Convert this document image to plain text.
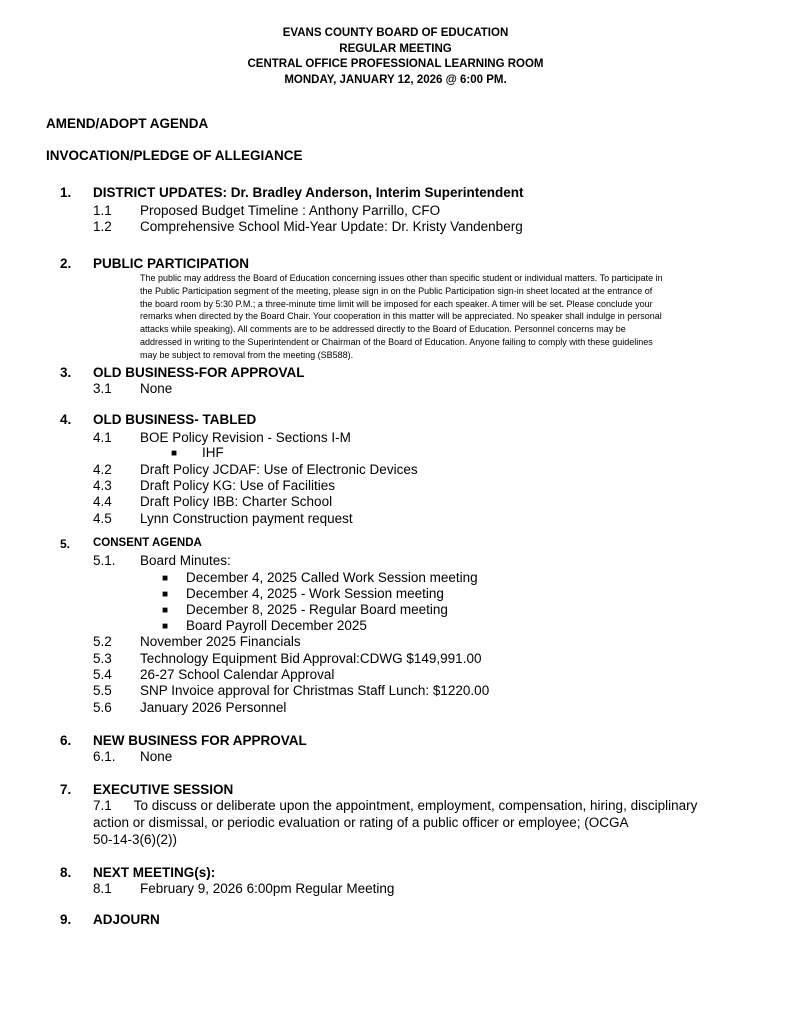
EVANS COUNTY BOARD OF EDUCATION
REGULAR MEETING
CENTRAL OFFICE PROFESSIONAL LEARNING ROOM
MONDAY, JANUARY 12, 2026 @ 6:00 PM.
AMEND/ADOPT AGENDA
INVOCATION/PLEDGE OF ALLEGIANCE
1. DISTRICT UPDATES: Dr. Bradley Anderson, Interim Superintendent
1.1 Proposed Budget Timeline : Anthony Parrillo, CFO
1.2 Comprehensive School Mid-Year Update: Dr. Kristy Vandenberg
2. PUBLIC PARTICIPATION
The public may address the Board of Education concerning issues other than specific student or individual matters. To participate in
the Public Participation segment of the meeting, please sign in on the Public Participation sign-in sheet located at the entrance of
the board room by 5:30 P.M.; a three-minute time limit will be imposed for each speaker. A timer will be set. Please conclude your
remarks when directed by the Board Chair. Your cooperation in this matter will be appreciated. No speaker shall indulge in personal
attacks while speaking). All comments are to be addressed directly to the Board of Education. Personnel concerns may be
addressed in writing to the Superintendent or Chairman of the Board of Education. Anyone failing to comply with these guidelines
may be subject to removal from the meeting (SB588).
3. OLD BUSINESS-FOR APPROVAL
3.1 None
4. OLD BUSINESS- TABLED
4.1 BOE Policy Revision - Sections I-M
■ IHF
4.2 Draft Policy JCDAF: Use of Electronic Devices
4.3 Draft Policy KG: Use of Facilities
4.4 Draft Policy IBB: Charter School
4.5 Lynn Construction payment request
5. CONSENT AGENDA
5.1. Board Minutes:
■ December 4, 2025 Called Work Session meeting
■ December 4, 2025 - Work Session meeting
■ December 8, 2025 - Regular Board meeting
■ Board Payroll December 2025
5.2 November 2025 Financials
5.3 Technology Equipment Bid Approval:CDWG $149,991.00
5.4 26-27 School Calendar Approval
5.5 SNP Invoice approval for Christmas Staff Lunch: $1220.00
5.6 January 2026 Personnel
6. NEW BUSINESS FOR APPROVAL
6.1. None
7. EXECUTIVE SESSION
7.1 To discuss or deliberate upon the appointment, employment, compensation, hiring, disciplinary
action or dismissal, or periodic evaluation or rating of a public officer or employee; (OCGA
50-14-3(6)(2))
8. NEXT MEETING(s):
8.1 February 9, 2026 6:00pm Regular Meeting
9. ADJOURN
